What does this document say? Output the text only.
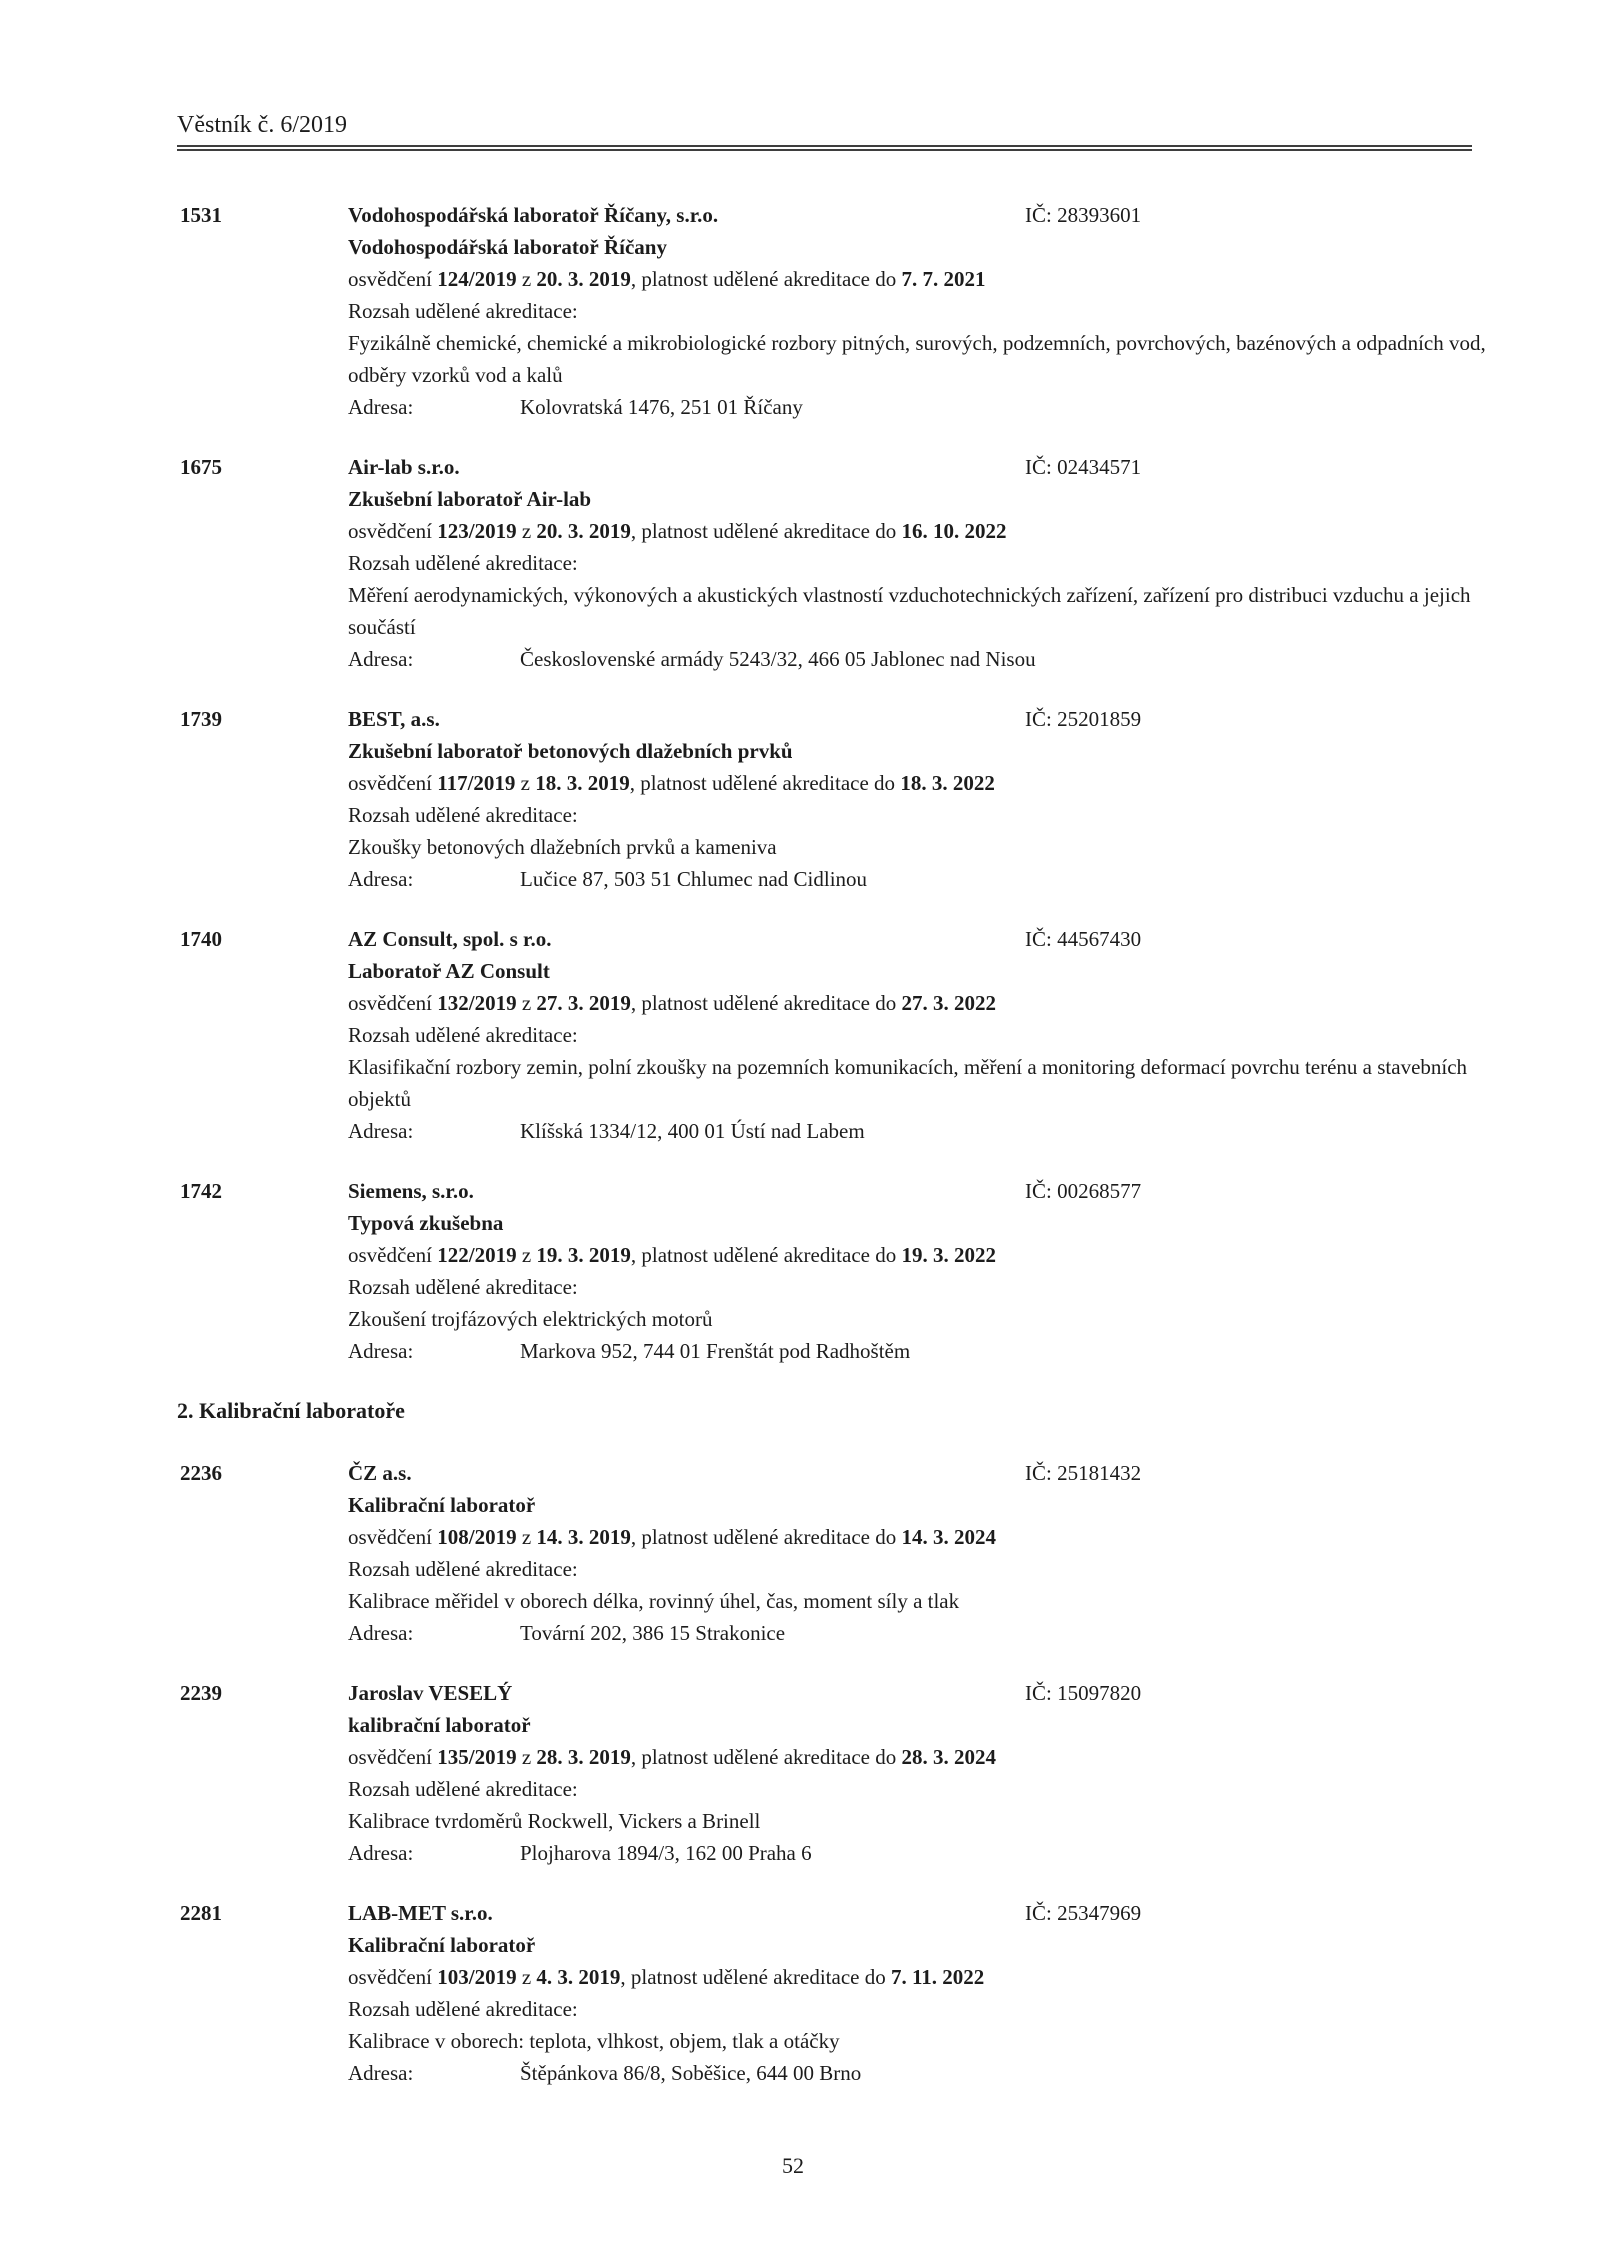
Věstník č. 6/2019
1531	Vodohospodářská laboratoř Říčany, s.r.o.	IČ: 28393601
Vodohospodářská laboratoř Říčany
osvědčení 124/2019 z 20. 3. 2019, platnost udělené akreditace do 7. 7. 2021
Rozsah udělené akreditace:
Fyzikálně chemické, chemické a mikrobiologické rozbory pitných, surových, podzemních, povrchových, bazénových a odpadních vod, odběry vzorků vod a kalů
Adresa:	Kolovratská 1476, 251 01 Říčany
1675	Air-lab s.r.o.	IČ: 02434571
Zkušební laboratoř Air-lab
osvědčení 123/2019 z 20. 3. 2019, platnost udělené akreditace do 16. 10. 2022
Rozsah udělené akreditace:
Měření aerodynamických, výkonových a akustických vlastností vzduchotechnických zařízení, zařízení pro distribuci vzduchu a jejich součástí
Adresa:	Československé armády 5243/32, 466 05 Jablonec nad Nisou
1739	BEST, a.s.	IČ: 25201859
Zkušební laboratoř betonových dlažebních prvků
osvědčení 117/2019 z 18. 3. 2019, platnost udělené akreditace do 18. 3. 2022
Rozsah udělené akreditace:
Zkoušky betonových dlažebních prvků a kameniva
Adresa:	Lučice 87, 503 51 Chlumec nad Cidlinou
1740	AZ Consult, spol. s r.o.	IČ: 44567430
Laboratoř AZ Consult
osvědčení 132/2019 z 27. 3. 2019, platnost udělené akreditace do 27. 3. 2022
Rozsah udělené akreditace:
Klasifikační rozbory zemin, polní zkoušky na pozemních komunikacích, měření a monitoring deformací povrchu terénu a stavebních objektů
Adresa:	Klíšská 1334/12, 400 01 Ústí nad Labem
1742	Siemens, s.r.o.	IČ: 00268577
Typová zkušebna
osvědčení 122/2019 z 19. 3. 2019, platnost udělené akreditace do 19. 3. 2022
Rozsah udělené akreditace:
Zkoušení trojfázových elektrických motorů
Adresa:	Markova 952, 744 01 Frenštát pod Radhoštěm
2. Kalibrační laboratoře
2236	ČZ a.s.	IČ: 25181432
Kalibrační laboratoř
osvědčení 108/2019 z 14. 3. 2019, platnost udělené akreditace do 14. 3. 2024
Rozsah udělené akreditace:
Kalibrace měřidel v oborech délka, rovinný úhel, čas, moment síly a tlak
Adresa:	Tovární 202, 386 15 Strakonice
2239	Jaroslav VESELÝ	IČ: 15097820
kalibrační laboratoř
osvědčení 135/2019 z 28. 3. 2019, platnost udělené akreditace do 28. 3. 2024
Rozsah udělené akreditace:
Kalibrace tvrdoměrů Rockwell, Vickers a Brinell
Adresa:	Plojharova 1894/3, 162 00 Praha 6
2281	LAB-MET s.r.o.	IČ: 25347969
Kalibrační laboratoř
osvědčení 103/2019 z 4. 3. 2019, platnost udělené akreditace do 7. 11. 2022
Rozsah udělené akreditace:
Kalibrace v oborech: teplota, vlhkost, objem, tlak a otáčky
Adresa:	Štěpánkova 86/8, Soběšice, 644 00 Brno
52
